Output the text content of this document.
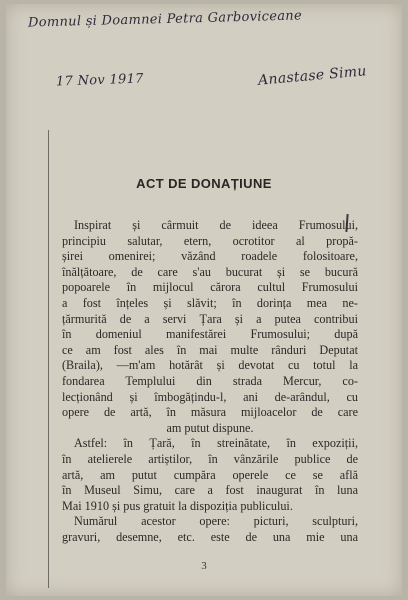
Domnul și Doamnei Petra Garboviceane
17 Nov 1917	Anastase Simu
ACT DE DONAȚIUNE
Inspirat și cârmuit de ideea Frumosului,
principiu salutar, etern, ocrotitor al propă-
șirei omenirei; văzând roadele folositoare,
înălțătoare, de care s'au bucurat și se bucură
popoarele în mijlocul cărora cultul Frumosului
a fost înțeles și slăvit; în dorința mea ne-
țărmurită de a servi Țara și a putea contribui
în domeniul manifestărei Frumosului; după
ce am fost ales în mai multe rânduri Deputat
(Braila), —m'am hotărât și devotat cu totul la
fondarea Templului din strada Mercur, co-
lecționând și îmbogățindu-l, ani de-arândul, cu
opere de artă, în măsura mijloacelor de care
am putut dispune.
Astfel: în Țară, în streinătate, în expoziții,
în atelierele artiștilor, în vânzările publice de
artă, am putut cumpăra operele ce se află
în Museul Simu, care a fost inaugurat în luna
Mai 1910 și pus gratuit la dispoziția publicului.
Numărul acestor opere: picturi, sculpturi,
gravuri, desemne, etc. este de una mie una
3
